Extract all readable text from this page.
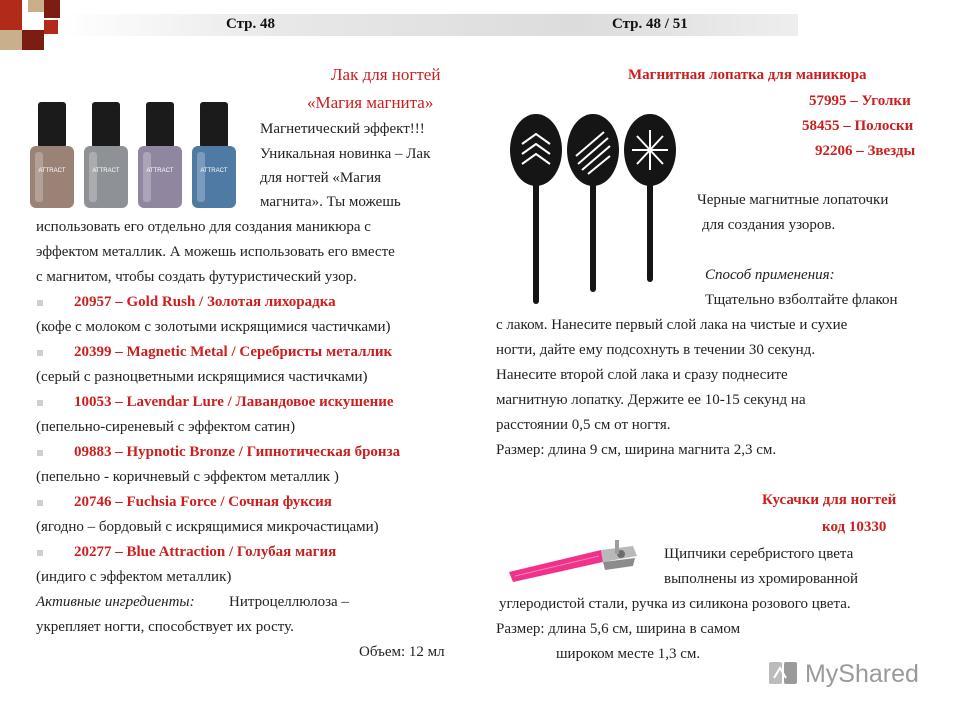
Стр. 48	Стр. 48 / 51
Лак для ногтей
«Магия магнита»
ATTRACT	ATTRACT	ATTRACT	ATTRACT
Магнетический эффект!!!
Уникальная новинка – Лак
для ногтей «Магия
магнита». Ты можешь
использовать его отдельно для создания маникюра с
эффектом металлик. А можешь использовать его вместе
с магнитом, чтобы создать футуристический узор.
20957 – Gold Rush / Золотая лихорадка
(кофе с молоком с золотыми искрящимися частичками)
20399 – Magnetic Metal / Серебристы металлик
(серый с разноцветными искрящимися частичками)
10053 – Lavendar Lure / Лавандовое искушение
(пепельно-сиреневый с эффектом сатин)
09883 – Hypnotic Bronze / Гипнотическая бронза
(пепельно - коричневый с эффектом металлик )
20746 – Fuchsia Force / Сочная фуксия
(ягодно – бордовый с искрящимися микрочастицами)
20277 – Blue Attraction / Голубая магия
(индиго с эффектом металлик)
Активные ингредиенты: Нитроцеллюлоза –
укрепляет ногти, способствует их росту.
Объем: 12 мл
Магнитная лопатка для маникюра
57995 – Уголки
58455 – Полоски
92206 – Звезды
Черные магнитные лопаточки
для создания узоров.
Способ применения:
Тщательно взболтайте флакон
с лаком. Нанесите первый слой лака на чистые и сухие
ногти, дайте ему подсохнуть в течении 30 секунд.
Нанесите второй слой лака и сразу поднесите
магнитную лопатку. Держите ее 10-15 секунд на
расстоянии 0,5 см от ногтя.
Размер: длина 9 см, ширина магнита 2,3 см.
Кусачки для ногтей
код 10330
Щипчики серебристого цвета
выполнены из хромированной
углеродистой стали, ручка из силикона розового цвета.
Размер: длина 5,6 см, ширина в самом
широком месте 1,3 см.
MyShared
